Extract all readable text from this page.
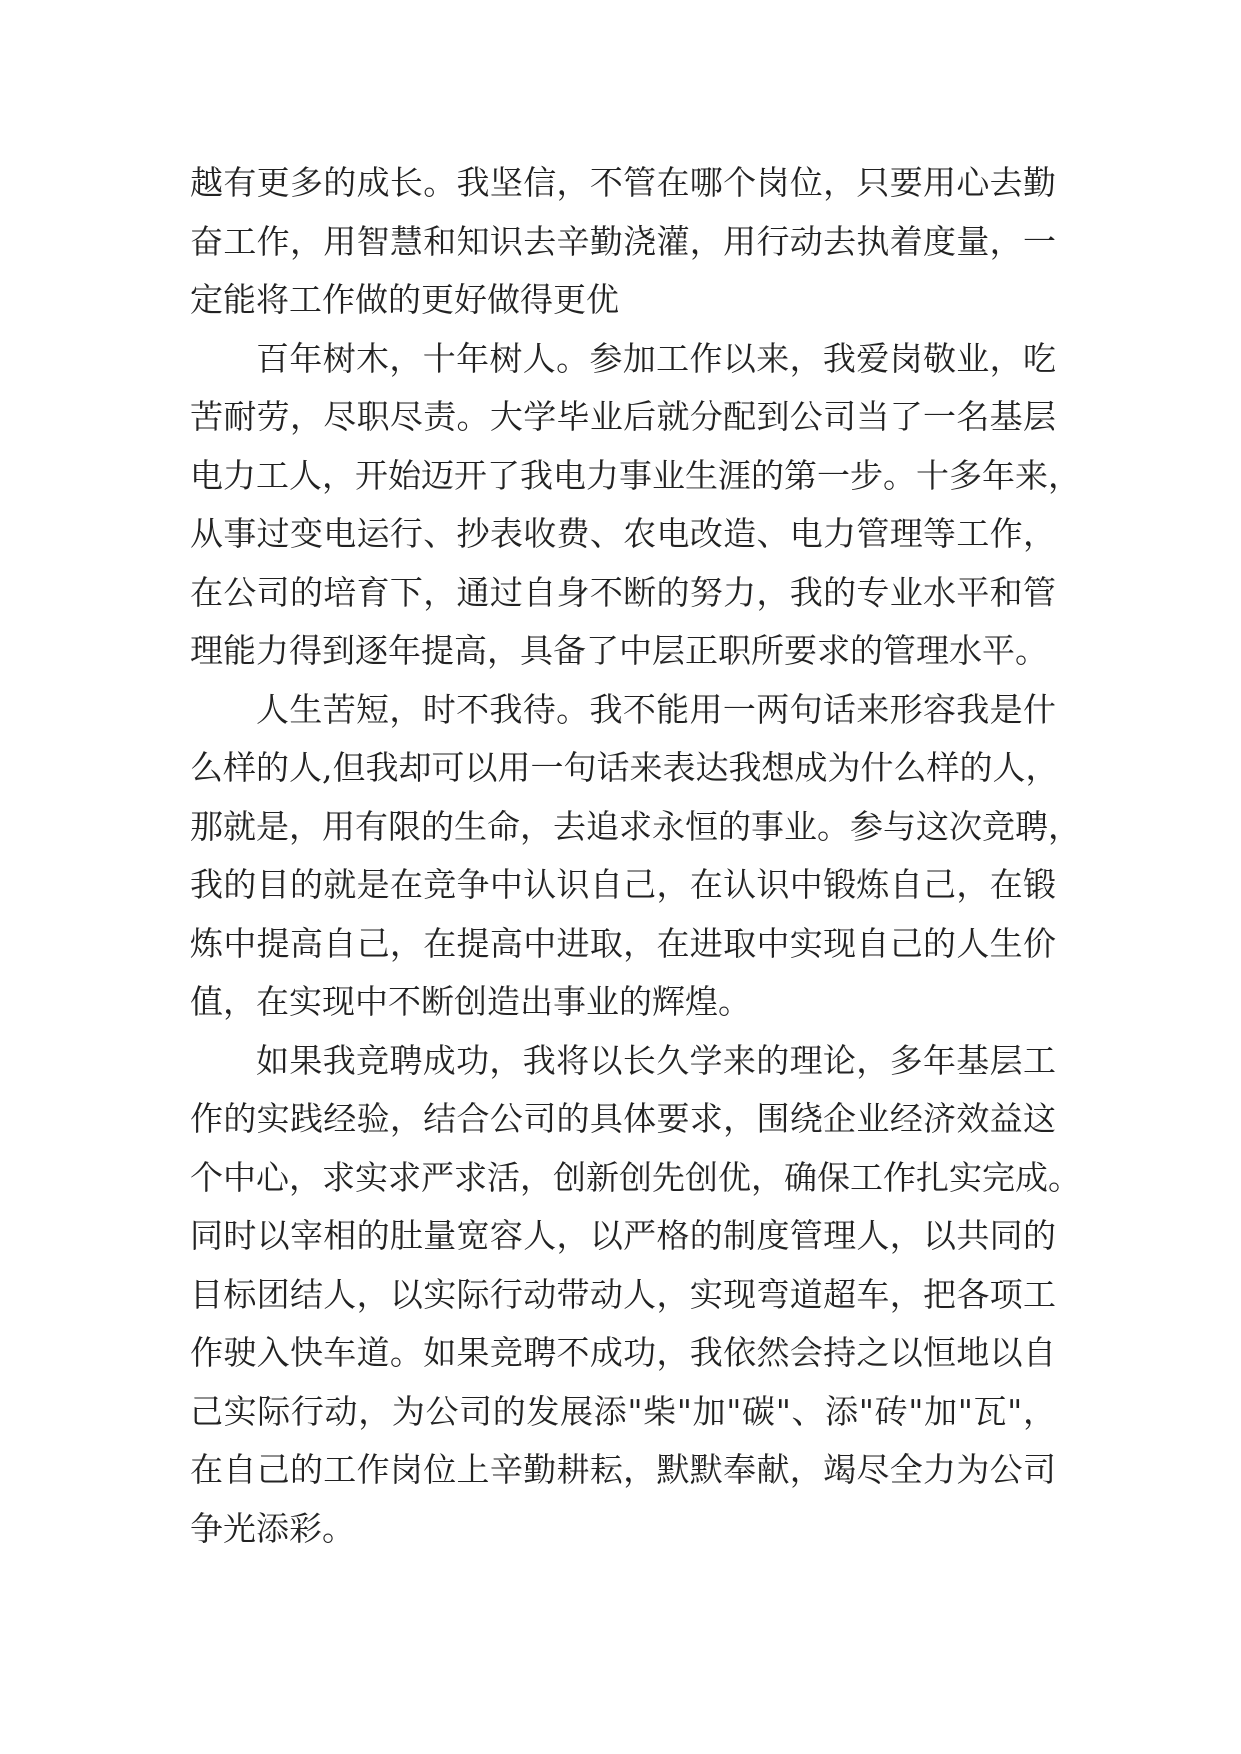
越有更多的成长。我坚信，不管在哪个岗位，只要用心去勤
奋工作，用智慧和知识去辛勤浇灌，用行动去执着度量，一
定能将工作做的更好做得更优
百年树木，十年树人。参加工作以来，我爱岗敬业，吃
苦耐劳，尽职尽责。大学毕业后就分配到公司当了一名基层
电力工人，开始迈开了我电力事业生涯的第一步。十多年来，
从事过变电运行、抄表收费、农电改造、电力管理等工作，
在公司的培育下，通过自身不断的努力，我的专业水平和管
理能力得到逐年提高，具备了中层正职所要求的管理水平。
人生苦短，时不我待。我不能用一两句话来形容我是什
么样的人,但我却可以用一句话来表达我想成为什么样的人，
那就是，用有限的生命，去追求永恒的事业。参与这次竞聘，
我的目的就是在竞争中认识自己，在认识中锻炼自己，在锻
炼中提高自己，在提高中进取，在进取中实现自己的人生价
值，在实现中不断创造出事业的辉煌。
如果我竞聘成功，我将以长久学来的理论，多年基层工
作的实践经验，结合公司的具体要求，围绕企业经济效益这
个中心，求实求严求活，创新创先创优，确保工作扎实完成。
同时以宰相的肚量宽容人，以严格的制度管理人，以共同的
目标团结人，以实际行动带动人，实现弯道超车，把各项工
作驶入快车道。如果竞聘不成功，我依然会持之以恒地以自
己实际行动，为公司的发展添"柴"加"碳"、添"砖"加"瓦"，
在自己的工作岗位上辛勤耕耘，默默奉献，竭尽全力为公司
争光添彩。
